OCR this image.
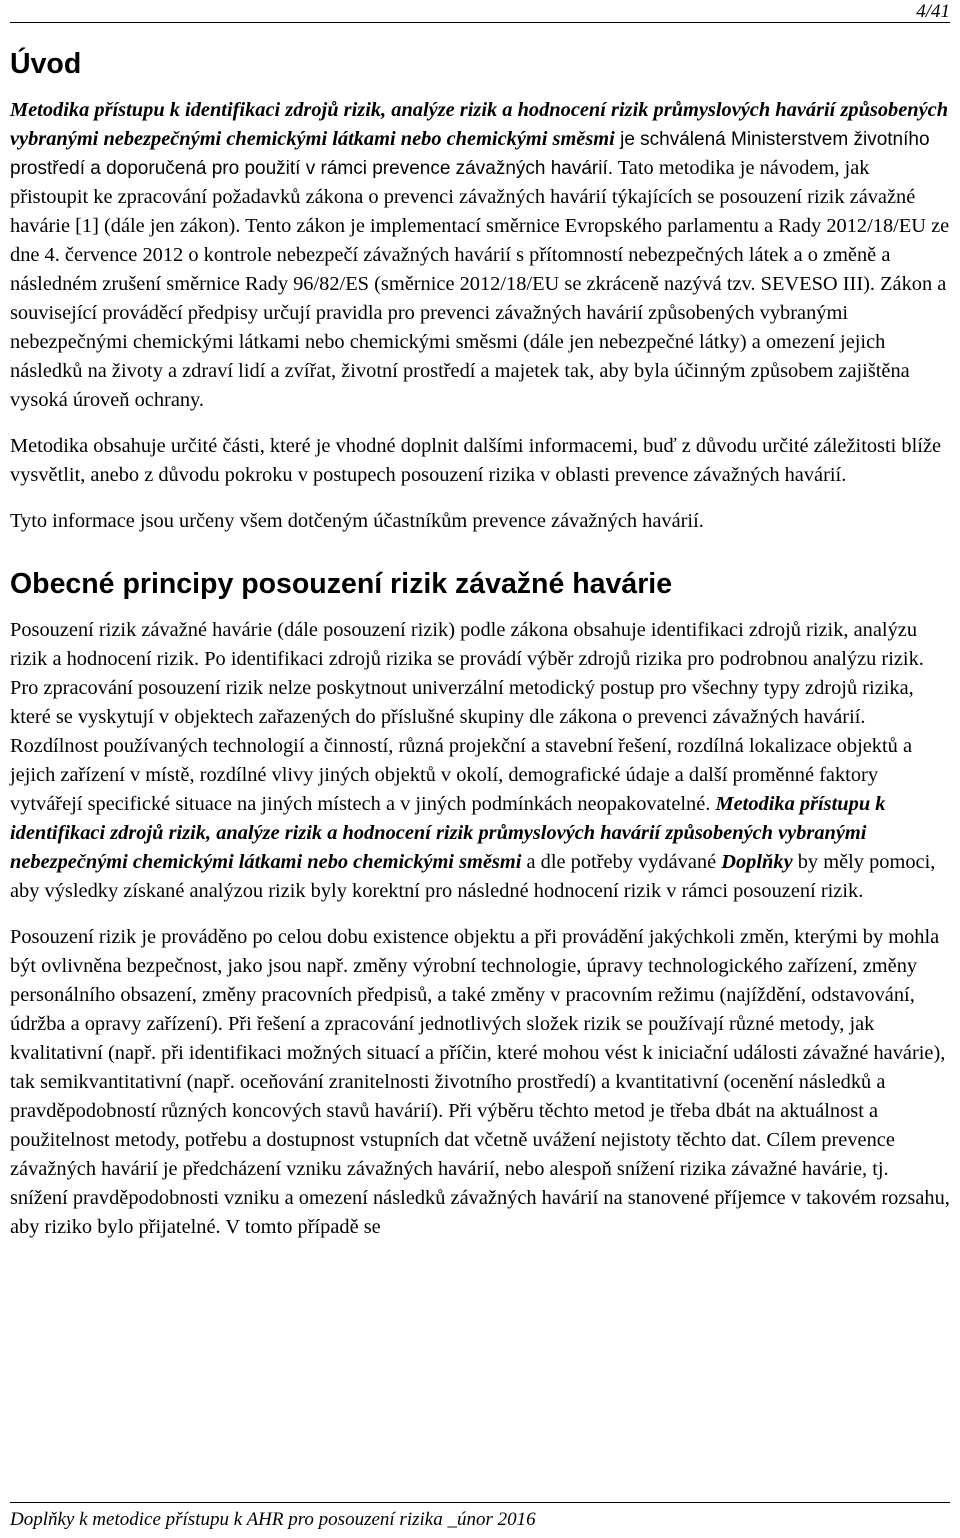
4/41
Úvod

Metodika přístupu k identifikaci zdrojů rizik, analýze rizik a hodnocení rizik průmyslových havárií způsobených vybranými nebezpečnými chemickými látkami nebo chemickými směsmi je schválená Ministerstvem životního prostředí a doporučená pro použití v rámci prevence závažných havárií. Tato metodika je návodem, jak přistoupit ke zpracování požadavků zákona o prevenci závažných havárií týkajících se posouzení rizik závažné havárie [1] (dále jen zákon). Tento zákon je implementací směrnice Evropského parlamentu a Rady 2012/18/EU ze dne 4. července 2012 o kontrole nebezpečí závažných havárií s přítomností nebezpečných látek a o změně a následném zrušení směrnice Rady 96/82/ES (směrnice 2012/18/EU se zkráceně nazývá tzv. SEVESO III). Zákon a související prováděcí předpisy určují pravidla pro prevenci závažných havárií způsobených vybranými nebezpečnými chemickými látkami nebo chemickými směsmi (dále jen nebezpečné látky) a omezení jejich následků na životy a zdraví lidí a zvířat, životní prostředí a majetek tak, aby byla účinným způsobem zajištěna vysoká úroveň ochrany.

Metodika obsahuje určité části, které je vhodné doplnit dalšími informacemi, buď z důvodu určité záležitosti blíže vysvětlit, anebo z důvodu pokroku v postupech posouzení rizika v oblasti prevence závažných havárií.

Tyto informace jsou určeny všem dotčeným účastníkům prevence závažných havárií.

Obecné principy posouzení rizik závažné havárie

Posouzení rizik závažné havárie (dále posouzení rizik) podle zákona obsahuje identifikaci zdrojů rizik, analýzu rizik a hodnocení rizik. Po identifikaci zdrojů rizika se provádí výběr zdrojů rizika pro podrobnou analýzu rizik. Pro zpracování posouzení rizik nelze poskytnout univerzální metodický postup pro všechny typy zdrojů rizika, které se vyskytují v objektech zařazených do příslušné skupiny dle zákona o prevenci závažných havárií. Rozdílnost používaných technologií a činností, různá projekční a stavební řešení, rozdílná lokalizace objektů a jejich zařízení v místě, rozdílné vlivy jiných objektů v okolí, demografické údaje a další proměnné faktory vytvářejí specifické situace na jiných místech a v jiných podmínkách neopakovatelné. Metodika přístupu k identifikaci zdrojů rizik, analýze rizik a hodnocení rizik průmyslových havárií způsobených vybranými nebezpečnými chemickými látkami nebo chemickými směsmi a dle potřeby vydávané Doplňky by měly pomoci, aby výsledky získané analýzou rizik byly korektní pro následné hodnocení rizik v rámci posouzení rizik.

Posouzení rizik je prováděno po celou dobu existence objektu a při provádění jakýchkoli změn, kterými by mohla být ovlivněna bezpečnost, jako jsou např. změny výrobní technologie, úpravy technologického zařízení, změny personálního obsazení, změny pracovních předpisů, a také změny v pracovním režimu (najíždění, odstavování, údržba a opravy zařízení). Při řešení a zpracování jednotlivých složek rizik se používají různé metody, jak kvalitativní (např. při identifikaci možných situací a příčin, které mohou vést k iniciační události závažné havárie), tak semikvantitativní (např. oceňování zranitelnosti životního prostředí) a kvantitativní (ocenění následků a pravděpodobností různých koncových stavů havárií). Při výběru těchto metod je třeba dbát na aktuálnost a použitelnost metody, potřebu a dostupnost vstupních dat včetně uvážení nejistoty těchto dat. Cílem prevence závažných havárií je předcházení vzniku závažných havárií, nebo alespoň snížení rizika závažné havárie, tj. snížení pravděpodobnosti vzniku a omezení následků závažných havárií na stanovené příjemce v takovém rozsahu, aby riziko bylo přijatelné. V tomto případě se

Doplňky k metodice přístupu k AHR pro posouzení rizika _únor 2016
